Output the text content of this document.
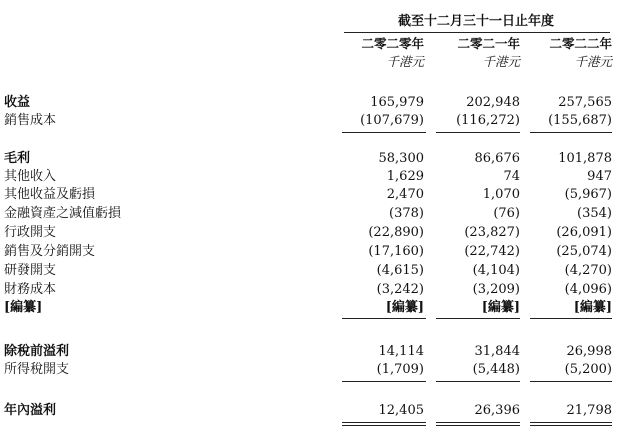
截至十二月三十一日止年度
二零二零年	二零二一年	二零二二年
千港元	千港元	千港元
收益	165,979	202,948	257,565
銷售成本	(107,679)	(116,272)	(155,687)
毛利	58,300	86,676	101,878
其他收入	1,629	74	947
其他收益及虧損	2,470	1,070	(5,967)
金融資產之減值虧損	(378)	(76)	(354)
行政開支	(22,890)	(23,827)	(26,091)
銷售及分銷開支	(17,160)	(22,742)	(25,074)
研發開支	(4,615)	(4,104)	(4,270)
財務成本	(3,242)	(3,209)	(4,096)
[編纂]	[編纂]	[編纂]	[編纂]
除稅前溢利	14,114	31,844	26,998
所得稅開支	(1,709)	(5,448)	(5,200)
年內溢利	12,405	26,396	21,798
